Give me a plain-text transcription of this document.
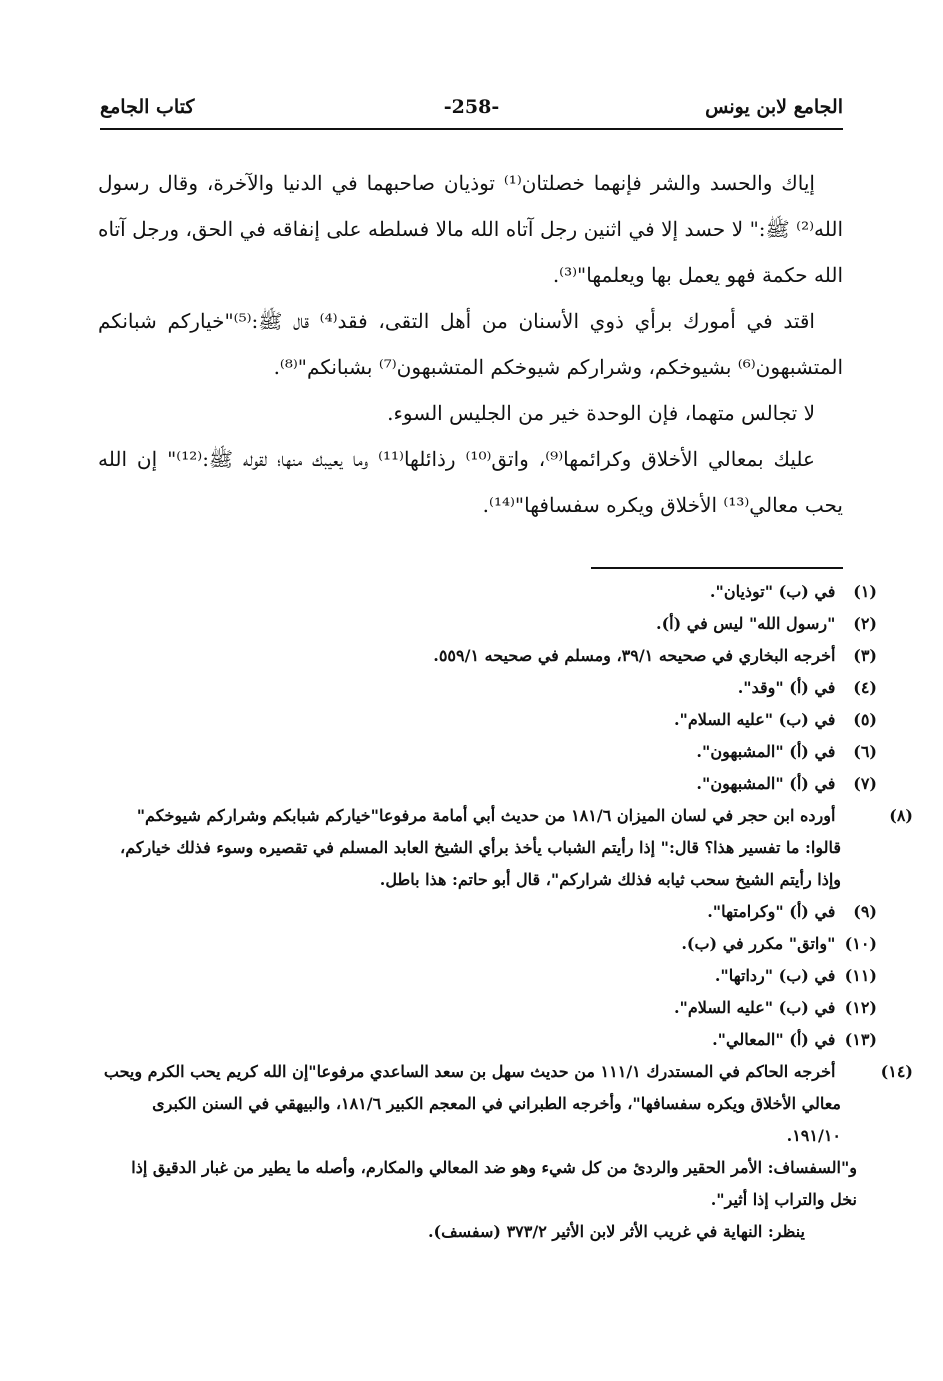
الجامع لابن يونس
-258-
كتاب الجامع

إياك والحسد والشر فإنهما خصلتان⁽¹⁾ توذيان صاحبهما في الدنيا والآخرة، وقال رسول الله⁽²⁾ ﷺ:" لا حسد إلا في اثنين رجل آتاه الله مالا فسلطه على إنفاقه في الحق، ورجل آتاه الله حكمة فهو يعمل بها ويعلمها"⁽³⁾.

اقتد في أمورك برأي ذوي الأسنان من أهل التقى، فقد⁽⁴⁾ قال ﷺ:⁽⁵⁾"خياركم شبانكم المتشبهون⁽⁶⁾ بشيوخكم، وشراركم شيوخكم المتشبهون⁽⁷⁾ بشبانكم"⁽⁸⁾.

لا تجالس متهما، فإن الوحدة خير من الجليس السوء.

عليك بمعالي الأخلاق وكرائمها⁽⁹⁾، واتق⁽¹⁰⁾ رذائلها⁽¹¹⁾ وما يعيبك منها؛ لقوله ﷺ:⁽¹²⁾" إن الله يحب معالي⁽¹³⁾ الأخلاق ويكره سفسافها"⁽¹⁴⁾.

(١) في (ب) "توذيان".

(٢) "رسول الله" ليس في (أ).

(٣) أخرجه البخاري في صحيحه ٣٩/١، ومسلم في صحيحه ٥٥٩/١.

(٤) في (أ) "وقد".

(٥) في (ب) "عليه السلام".

(٦) في (أ) "المشبهون".

(٧) في (أ) "المشبهون".

(٨) أورده ابن حجر في لسان الميزان ١٨١/٦ من حديث أبي أمامة مرفوعا"خياركم شبابكم وشراركم شيوخكم" قالوا: ما تفسير هذا؟ قال:" إذا رأيتم الشباب يأخذ برأي الشيخ العابد المسلم في تقصيره وسوء فذلك خياركم، وإذا رأيتم الشيخ سحب ثيابه فذلك شراركم"، قال أبو حاتم: هذا باطل.

(٩) في (أ) "وكرامتها".

(١٠) "واتق" مكرر في (ب).

(١١) في (ب) "رداتها".

(١٢) في (ب) "عليه السلام".

(١٣) في (أ) "المعالي".

(١٤) أخرجه الحاكم في المستدرك ١١١/١ من حديث سهل بن سعد الساعدي مرفوعا"إن الله كريم يحب الكرم ويحب معالي الأخلاق ويكره سفسافها"، وأخرجه الطبراني في المعجم الكبير ١٨١/٦، والبيهقي في السنن الكبرى ١٩١/١٠.

و"السفساف: الأمر الحقير والردئ من كل شيء وهو ضد المعالي والمكارم، وأصله ما يطير من غبار الدقيق إذا نخل والتراب إذا أثير".

ينظر: النهاية في غريب الأثر لابن الأثير ٣٧٣/٢ (سفسف).
